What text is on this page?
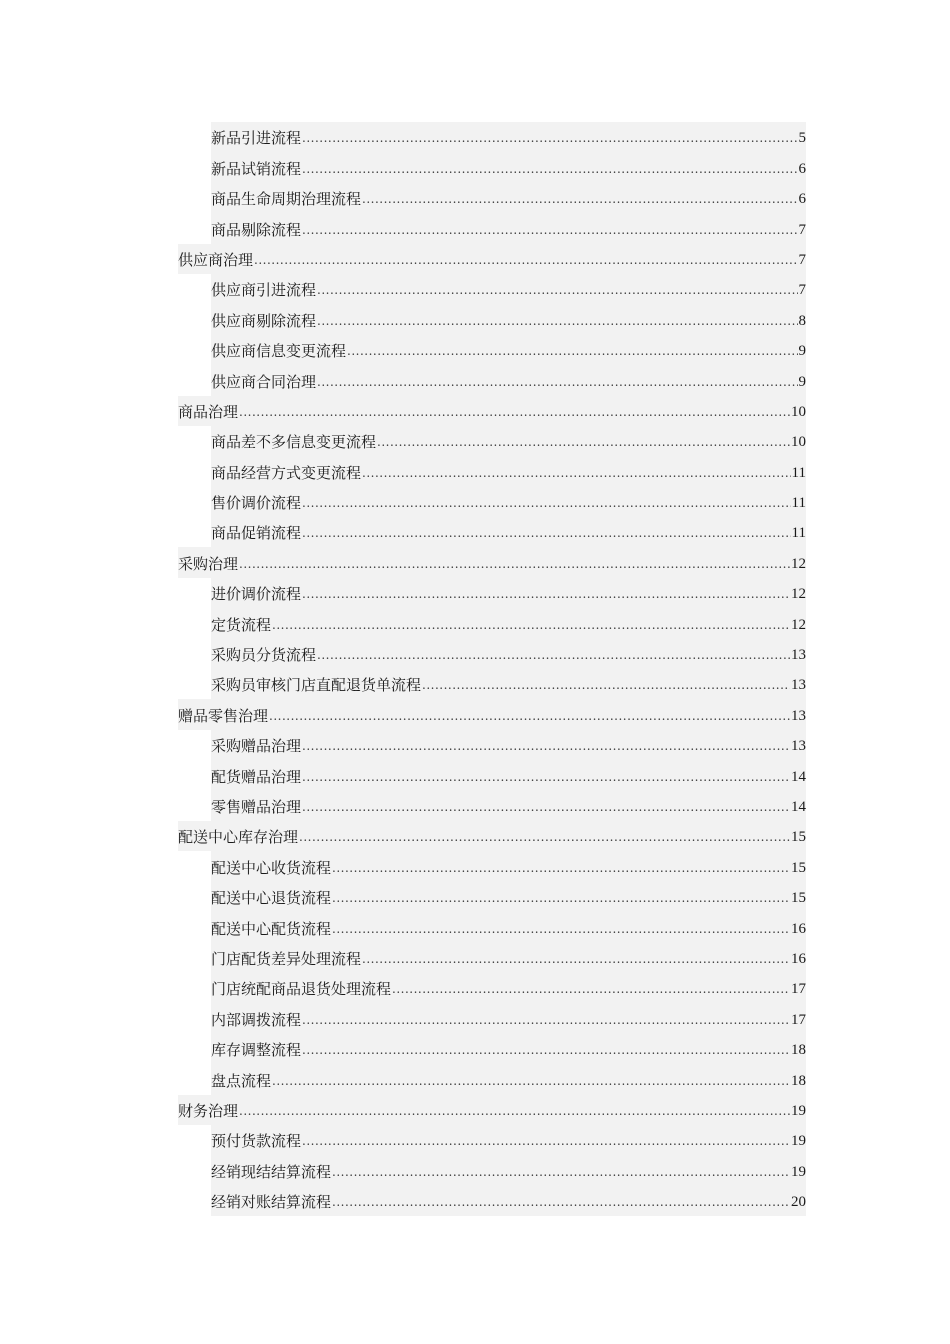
新品引进流程 .....	5
新品试销流程 .....	6
商品生命周期治理流程 .....	6
商品剔除流程 .....	7
供应商治理 .....	7
供应商引进流程 .....	7
供应商剔除流程 .....	8
供应商信息变更流程 .....	9
供应商合同治理 .....	9
商品治理 .....	10
商品差不多信息变更流程 .....	10
商品经营方式变更流程 .....	11
售价调价流程 .....	11
商品促销流程 .....	11
采购治理 .....	12
进价调价流程 .....	12
定货流程 .....	12
采购员分货流程 .....	13
采购员审核门店直配退货单流程 .....	13
赠品零售治理 .....	13
采购赠品治理 .....	13
配货赠品治理 .....	14
零售赠品治理 .....	14
配送中心库存治理 .....	15
配送中心收货流程 .....	15
配送中心退货流程 .....	15
配送中心配货流程 .....	16
门店配货差异处理流程 .....	16
门店统配商品退货处理流程 .....	17
内部调拨流程 .....	17
库存调整流程 .....	18
盘点流程 .....	18
财务治理 .....	19
预付货款流程 .....	19
经销现结结算流程 .....	19
经销对账结算流程 .....	20
